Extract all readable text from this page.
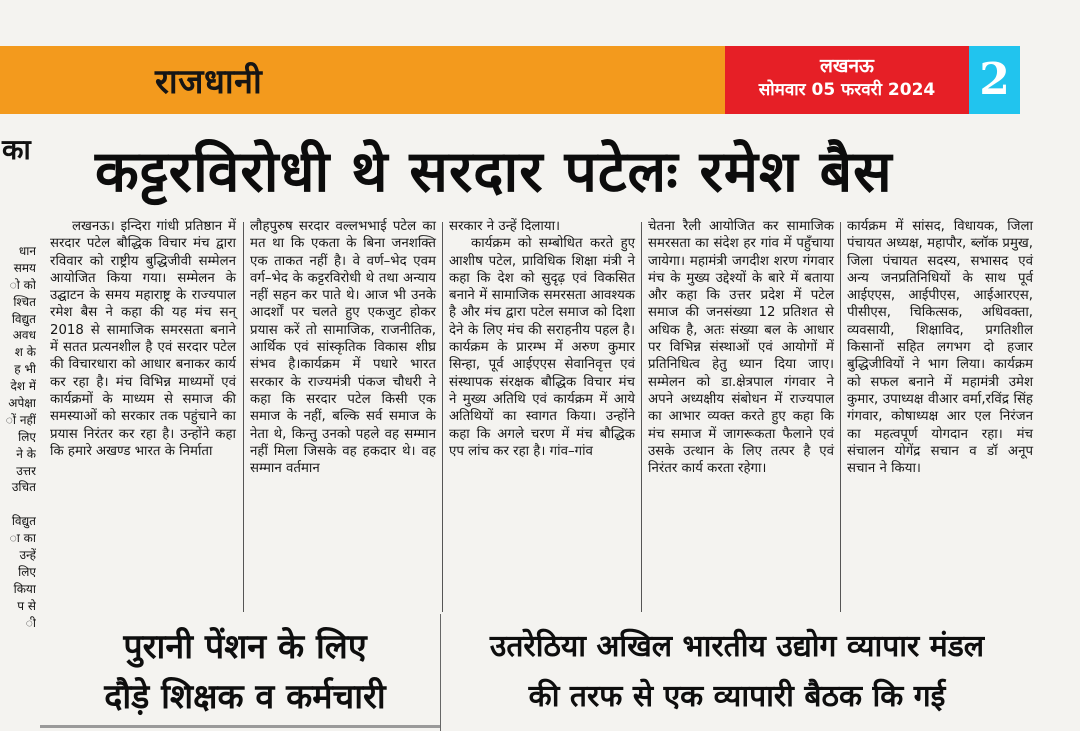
राजधानी	लखनऊ
सोमवार 05 फरवरी 2024 2
का
धान
समय
ो को
श्चित
विद्युत
अवध
श के
ह भी
देश में
अपेक्षा
ों नहीं
लिए
ने के
उत्तर
उचित
विद्युत
ा का
उन्हें
लिए
किया
प से
ी
कट्टरविरोधी थे सरदार पटेलः रमेश बैस

लखनऊ। इन्दिरा गांधी प्रतिष्ठान में सरदार पटेल बौद्धिक विचार मंच द्वारा रविवार को राष्ट्रीय बुद्धिजीवी सम्मेलन आयोजित किया गया। सम्मेलन के उद्घाटन के समय महाराष्ट्र के राज्यपाल रमेश बैस ने कहा की यह मंच सन् 2018 से सामाजिक समरसता बनाने में सतत प्रत्यनशील है एवं सरदार पटेल की विचारधारा को आधार बनाकर कार्य कर रहा है। मंच विभिन्न माध्यमों एवं कार्यक्रमों के माध्यम से समाज की समस्याओं को सरकार तक पहुंचाने का प्रयास निरंतर कर रहा है। उन्होंने कहा कि हमारे अखण्ड भारत के निर्माता

लौहपुरुष सरदार वल्लभभाई पटेल का मत था कि एकता के बिना जनशक्ति एक ताकत नहीं है। वे वर्ण–भेद एवम वर्ग–भेद के कट्टरविरोधी थे तथा अन्याय नहीं सहन कर पाते थे। आज भी उनके आदर्शों पर चलते हुए एकजुट होकर प्रयास करें तो सामाजिक, राजनीतिक, आर्थिक एवं सांस्कृतिक विकास शीघ्र संभव है।कार्यक्रम में पधारे भारत सरकार के राज्यमंत्री पंकज चौधरी ने कहा कि सरदार पटेल किसी एक समाज के नहीं, बल्कि सर्व समाज के नेता थे, किन्तु उनको पहले वह सम्मान नहीं मिला जिसके वह हकदार थे। वह सम्मान वर्तमान

सरकार ने उन्हें दिलाया।

कार्यक्रम को सम्बोधित करते हुए आशीष पटेल, प्राविधिक शिक्षा मंत्री ने कहा कि देश को सुदृढ़ एवं विकसित बनाने में सामाजिक समरसता आवश्यक है और मंच द्वारा पटेल समाज को दिशा देने के लिए मंच की सराहनीय पहल है। कार्यक्रम के प्रारम्भ में अरुण कुमार सिन्हा, पूर्व आईएएस सेवानिवृत्त एवं संस्थापक संरक्षक बौद्धिक विचार मंच ने मुख्य अतिथि एवं कार्यक्रम में आये अतिथियों का स्वागत किया। उन्होंने कहा कि अगले चरण में मंच बौद्धिक एप लांच कर रहा है। गांव–गांव

चेतना रैली आयोजित कर सामाजिक समरसता का संदेश हर गांव में पहुँचाया जायेगा। महामंत्री जगदीश शरण गंगवार मंच के मुख्य उद्देश्यों के बारे में बताया और कहा कि उत्तर प्रदेश में पटेल समाज की जनसंख्या 12 प्रतिशत से अधिक है, अतः संख्या बल के आधार पर विभिन्न संस्थाओं एवं आयोगों में प्रतिनिधित्व हेतु ध्यान दिया जाए। सम्मेलन को डा.क्षेत्रपाल गंगवार ने अपने अध्यक्षीय संबोधन में राज्यपाल का आभार व्यक्त करते हुए कहा कि मंच समाज में जागरूकता फैलाने एवं उसके उत्थान के लिए तत्पर है एवं निरंतर कार्य करता रहेगा।

कार्यक्रम में सांसद, विधायक, जिला पंचायत अध्यक्ष, महापौर, ब्लॉक प्रमुख, जिला पंचायत सदस्य, सभासद एवं अन्य जनप्रतिनिधियों के साथ पूर्व आईएएस, आईपीएस, आईआरएस, पीसीएस, चिकित्सक, अधिवक्ता, व्यवसायी, शिक्षाविद, प्रगतिशील किसानों सहित लगभग दो हजार बुद्धिजीवियों ने भाग लिया। कार्यक्रम को सफल बनाने में महामंत्री उमेश कुमार, उपाध्यक्ष वीआर वर्मा,रविंद्र सिंह गंगवार, कोषाध्यक्ष आर एल निरंजन का महत्वपूर्ण योगदान रहा। मंच संचालन योगेंद्र सचान व डॉ अनूप सचान ने किया।

पुरानी पेंशन के लिए
दौड़े शिक्षक व कर्मचारी
उतरेठिया अखिल भारतीय उद्योग व्यापार मंडल
की तरफ से एक व्यापारी बैठक कि गई
